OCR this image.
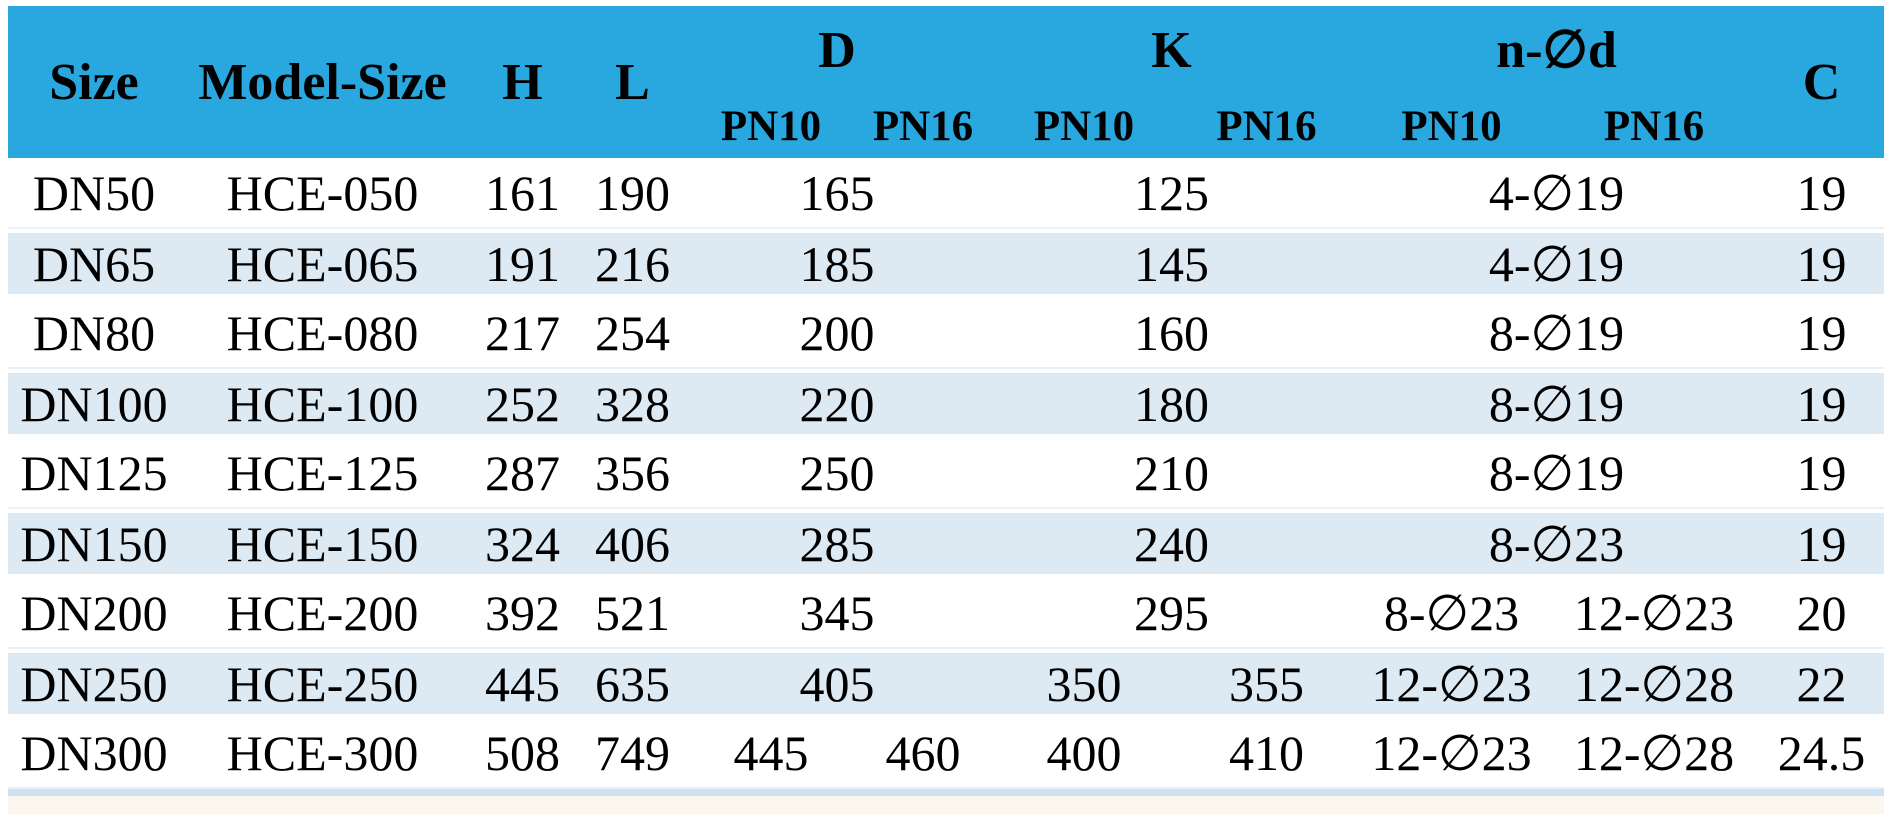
Size	Model-Size	H	L	D		K		n-∅d		C
				PN10	PN16	PN10	PN16	PN10	PN16	
DN50	HCE-050	161	190	165		125		4-∅19		19
DN65	HCE-065	191	216	185		145		4-∅19		19
DN80	HCE-080	217	254	200		160		8-∅19		19
DN100	HCE-100	252	328	220		180		8-∅19		19
DN125	HCE-125	287	356	250		210		8-∅19		19
DN150	HCE-150	324	406	285		240		8-∅23		19
DN200	HCE-200	392	521	345		295		8-∅23	12-∅23	20
DN250	HCE-250	445	635	405		350	355	12-∅23	12-∅28	22
DN300	HCE-300	508	749	445	460	400	410	12-∅23	12-∅28	24.5
